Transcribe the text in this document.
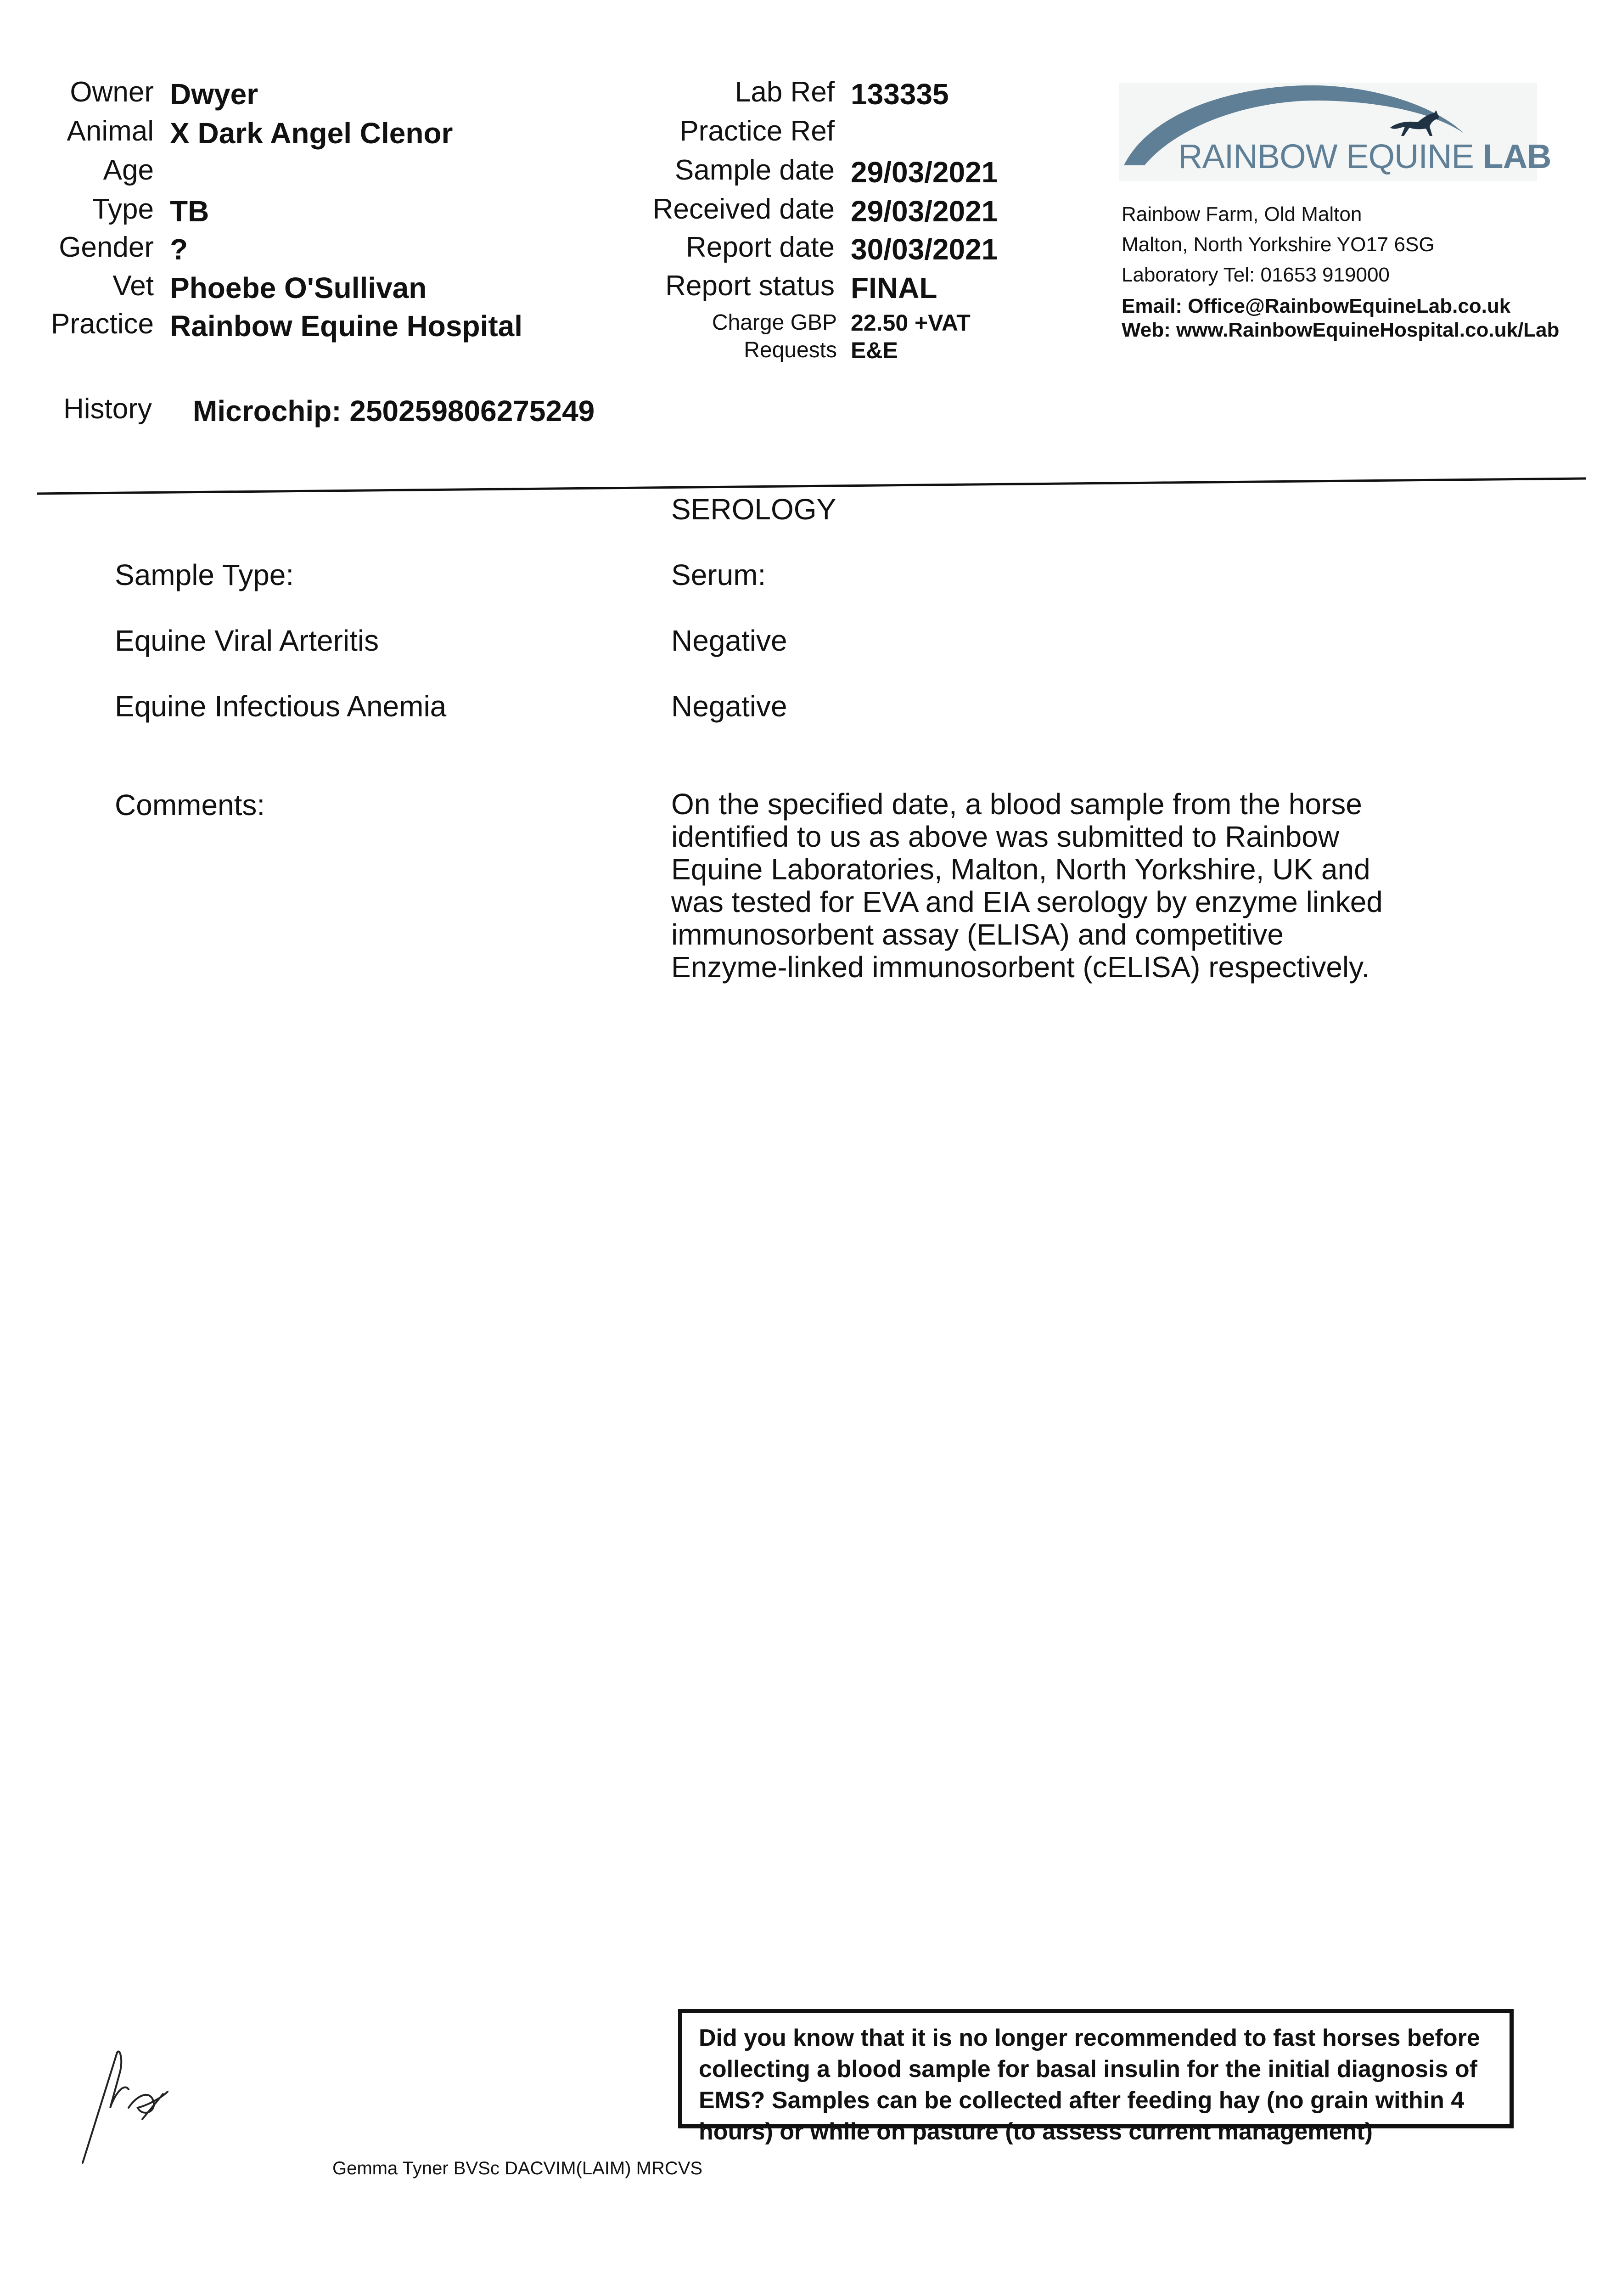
Owner Dwyer
Animal X Dark Angel Clenor
Age
Type TB
Gender ?
Vet Phoebe O'Sullivan
Practice Rainbow Equine Hospital
History Microchip: 250259806275249
Lab Ref 133335
Practice Ref
Sample date 29/03/2021
Received date 29/03/2021
Report date 30/03/2021
Report status FINAL
Charge GBP 22.50 +VAT
Requests E&E
RAINBOW EQUINE LAB
Rainbow Farm, Old Malton
Malton, North Yorkshire YO17 6SG
Laboratory Tel: 01653 919000
Email: Office@RainbowEquineLab.co.uk
Web: www.RainbowEquineHospital.co.uk/Lab
SEROLOGY
Sample Type:	Serum:
Equine Viral Arteritis	Negative
Equine Infectious Anemia	Negative
Comments:	On the specified date, a blood sample from the horse
identified to us as above was submitted to Rainbow
Equine Laboratories, Malton, North Yorkshire, UK and
was tested for EVA and EIA serology by enzyme linked
immunosorbent assay (ELISA) and competitive
Enzyme-linked immunosorbent (cELISA) respectively.
Did you know that it is no longer recommended to fast horses before collecting a blood sample for basal insulin for the initial diagnosis of EMS? Samples can be collected after feeding hay (no grain within 4 hours) or while on pasture (to assess current management)
Gemma Tyner BVSc DACVIM(LAIM) MRCVS
